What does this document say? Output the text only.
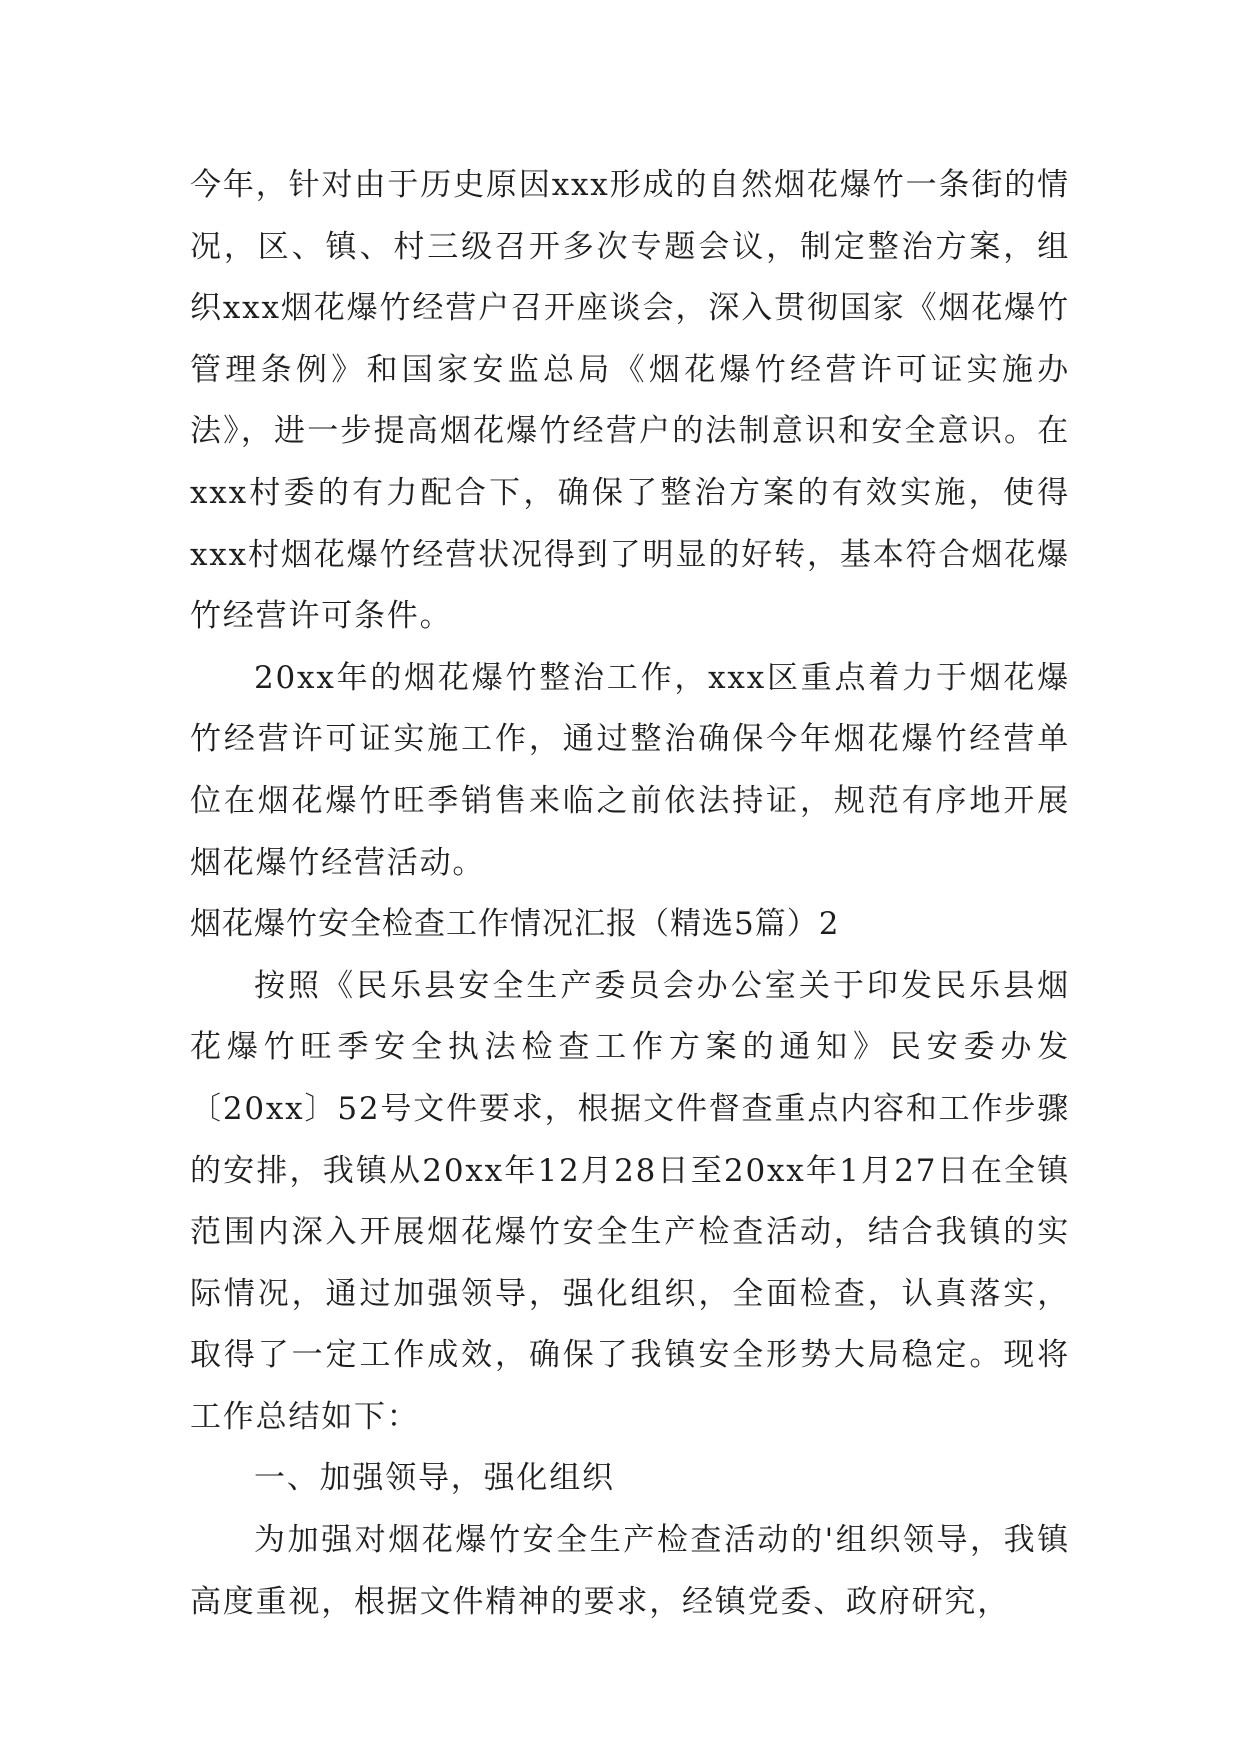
今年，针对由于历史原因xxx形成的自然烟花爆竹一条街的情况，区、镇、村三级召开多次专题会议，制定整治方案，组织xxx烟花爆竹经营户召开座谈会，深入贯彻国家《烟花爆竹管理条例》和国家安监总局《烟花爆竹经营许可证实施办法》，进一步提高烟花爆竹经营户的法制意识和安全意识。在xxx村委的有力配合下，确保了整治方案的有效实施，使得xxx村烟花爆竹经营状况得到了明显的好转，基本符合烟花爆竹经营许可条件。

20xx年的烟花爆竹整治工作，xxx区重点着力于烟花爆竹经营许可证实施工作，通过整治确保今年烟花爆竹经营单位在烟花爆竹旺季销售来临之前依法持证，规范有序地开展烟花爆竹经营活动。

烟花爆竹安全检查工作情况汇报（精选5篇）2

按照《民乐县安全生产委员会办公室关于印发民乐县烟花爆竹旺季安全执法检查工作方案的通知》民安委办发〔20xx〕52号文件要求，根据文件督查重点内容和工作步骤的安排，我镇从20xx年12月28日至20xx年1月27日在全镇范围内深入开展烟花爆竹安全生产检查活动，结合我镇的实际情况，通过加强领导，强化组织，全面检查，认真落实，取得了一定工作成效，确保了我镇安全形势大局稳定。现将工作总结如下：

一、加强领导，强化组织

为加强对烟花爆竹安全生产检查活动的'组织领导，我镇高度重视，根据文件精神的要求，经镇党委、政府研究，
